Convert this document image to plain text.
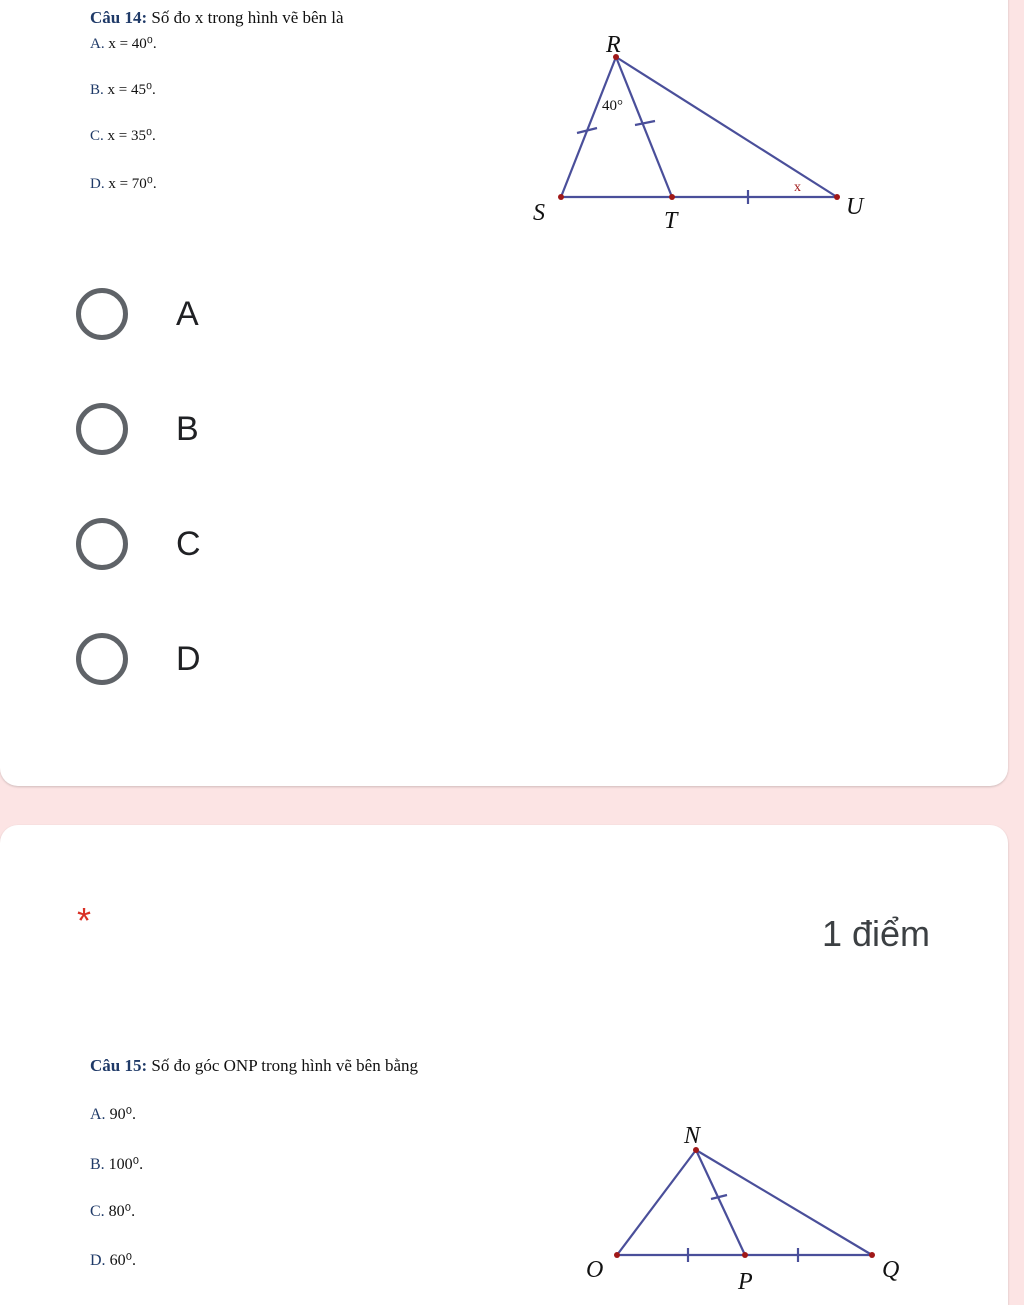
Câu 14: Số đo x trong hình vẽ bên là
A. x = 40⁰.
B. x = 45⁰.
C. x = 35⁰.
D. x = 70⁰.
R
S	T
U
40°
x
A
B
C
D
*	1 điểm
Câu 15: Số đo góc ONP trong hình vẽ bên bằng
A. 90⁰.
B. 100⁰.
C. 80⁰.
D. 60⁰.
N
O	P	Q
